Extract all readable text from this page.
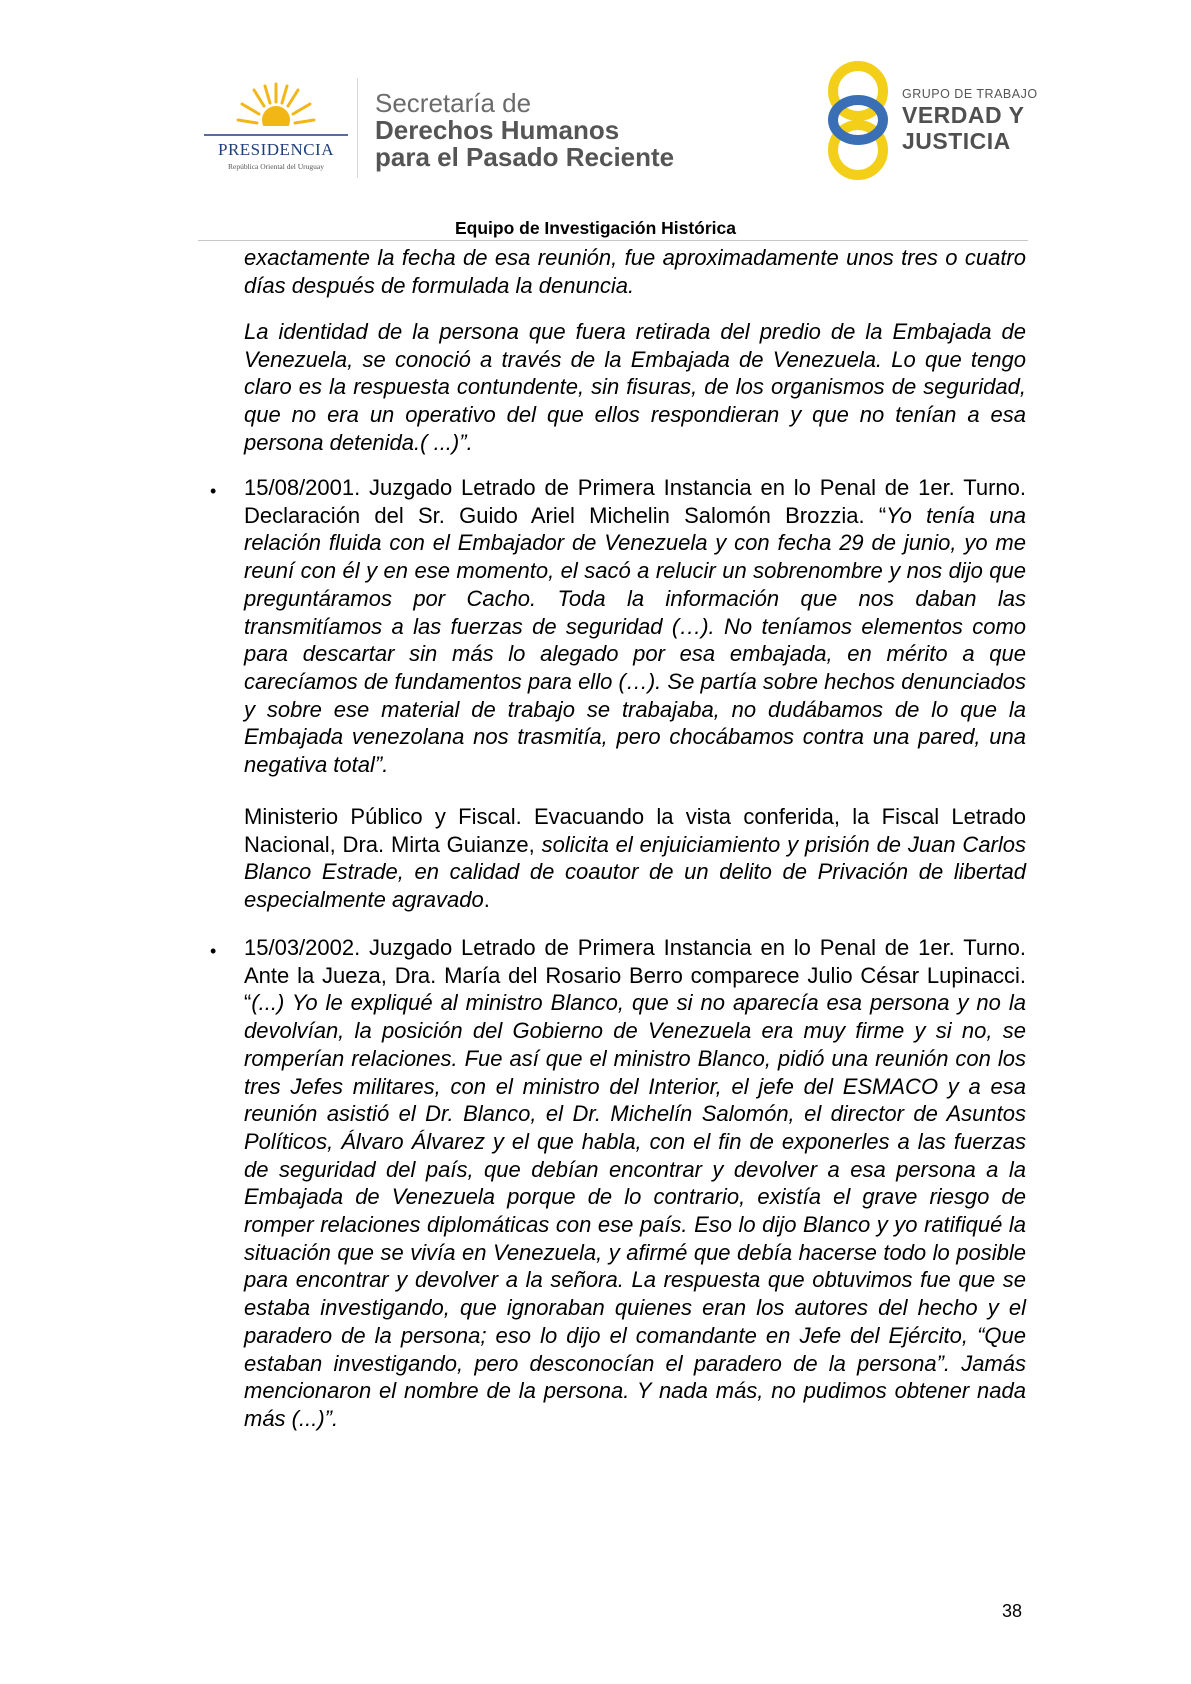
PRESIDENCIA
República Oriental del Uruguay
Secretaría de
Derechos Humanos
para el Pasado Reciente
GRUPO DE TRABAJO
VERDAD Y
JUSTICIA
Equipo de Investigación Histórica
exactamente la fecha de esa reunión, fue aproximadamente unos tres o cuatro días después de formulada la denuncia.
La identidad de la persona que fuera retirada del predio de la Embajada de Venezuela, se conoció a través de la Embajada de Venezuela. Lo que tengo claro es la respuesta contundente, sin fisuras, de los organismos de seguridad, que no era un operativo del que ellos respondieran y que no tenían a esa persona detenida.( ...)”.
• 15/08/2001. Juzgado Letrado de Primera Instancia en lo Penal de 1er. Turno. Declaración del Sr. Guido Ariel Michelin Salomón Brozzia. “Yo tenía una relación fluida con el Embajador de Venezuela y con fecha 29 de junio, yo me reuní con él y en ese momento, el sacó a relucir un sobrenombre y nos dijo que preguntáramos por Cacho. Toda la información que nos daban las transmitíamos a las fuerzas de seguridad (…). No teníamos elementos como para descartar sin más lo alegado por esa embajada, en mérito a que carecíamos de fundamentos para ello (…). Se partía sobre hechos denunciados y sobre ese material de trabajo se trabajaba, no dudábamos de lo que la Embajada venezolana nos trasmitía, pero chocábamos contra una pared, una negativa total”.
Ministerio Público y Fiscal. Evacuando la vista conferida, la Fiscal Letrado Nacional, Dra. Mirta Guianze, solicita el enjuiciamiento y prisión de Juan Carlos Blanco Estrade, en calidad de coautor de un delito de Privación de libertad especialmente agravado.
• 15/03/2002. Juzgado Letrado de Primera Instancia en lo Penal de 1er. Turno. Ante la Jueza, Dra. María del Rosario Berro comparece Julio César Lupinacci. “(...) Yo le expliqué al ministro Blanco, que si no aparecía esa persona y no la devolvían, la posición del Gobierno de Venezuela era muy firme y si no, se romperían relaciones. Fue así que el ministro Blanco, pidió una reunión con los tres Jefes militares, con el ministro del Interior, el jefe del ESMACO y a esa reunión asistió el Dr. Blanco, el Dr. Michelín Salomón, el director de Asuntos Políticos, Álvaro Álvarez y el que habla, con el fin de exponerles a las fuerzas de seguridad del país, que debían encontrar y devolver a esa persona a la Embajada de Venezuela porque de lo contrario, existía el grave riesgo de romper relaciones diplomáticas con ese país. Eso lo dijo Blanco y yo ratifiqué la situación que se vivía en Venezuela, y afirmé que debía hacerse todo lo posible para encontrar y devolver a la señora. La respuesta que obtuvimos fue que se estaba investigando, que ignoraban quienes eran los autores del hecho y el paradero de la persona; eso lo dijo el comandante en Jefe del Ejército, “Que estaban investigando, pero desconocían el paradero de la persona”. Jamás mencionaron el nombre de la persona. Y nada más, no pudimos obtener nada más (...)”.
38
